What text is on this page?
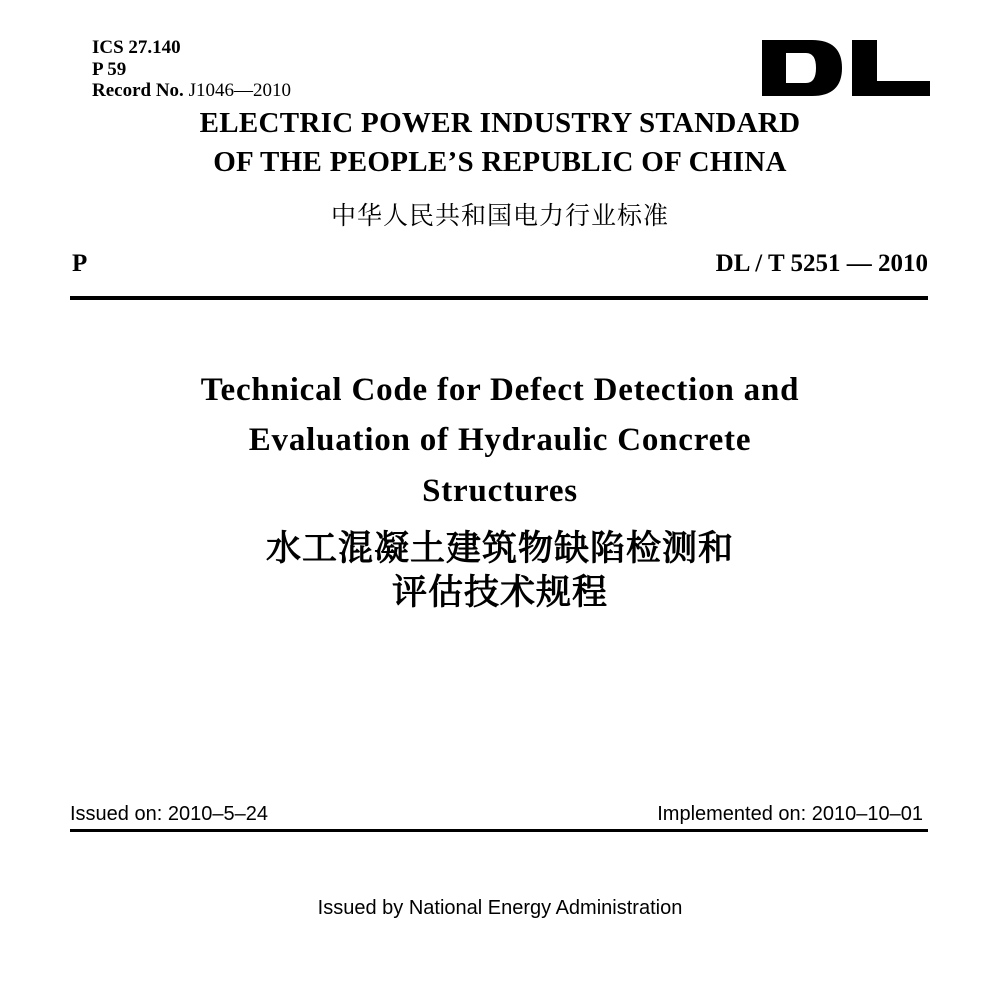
ICS 27.140
P 59
Record No. J1046—2010
ELECTRIC POWER INDUSTRY STANDARD
OF THE PEOPLE’S REPUBLIC OF CHINA
中华人民共和国电力行业标准
P	DL / T 5251 — 2010
Technical Code for Defect Detection and
Evaluation of Hydraulic Concrete
Structures
水工混凝土建筑物缺陷检测和
评估技术规程
Issued on: 2010–5–24	Implemented on: 2010–10–01
Issued by National Energy Administration
